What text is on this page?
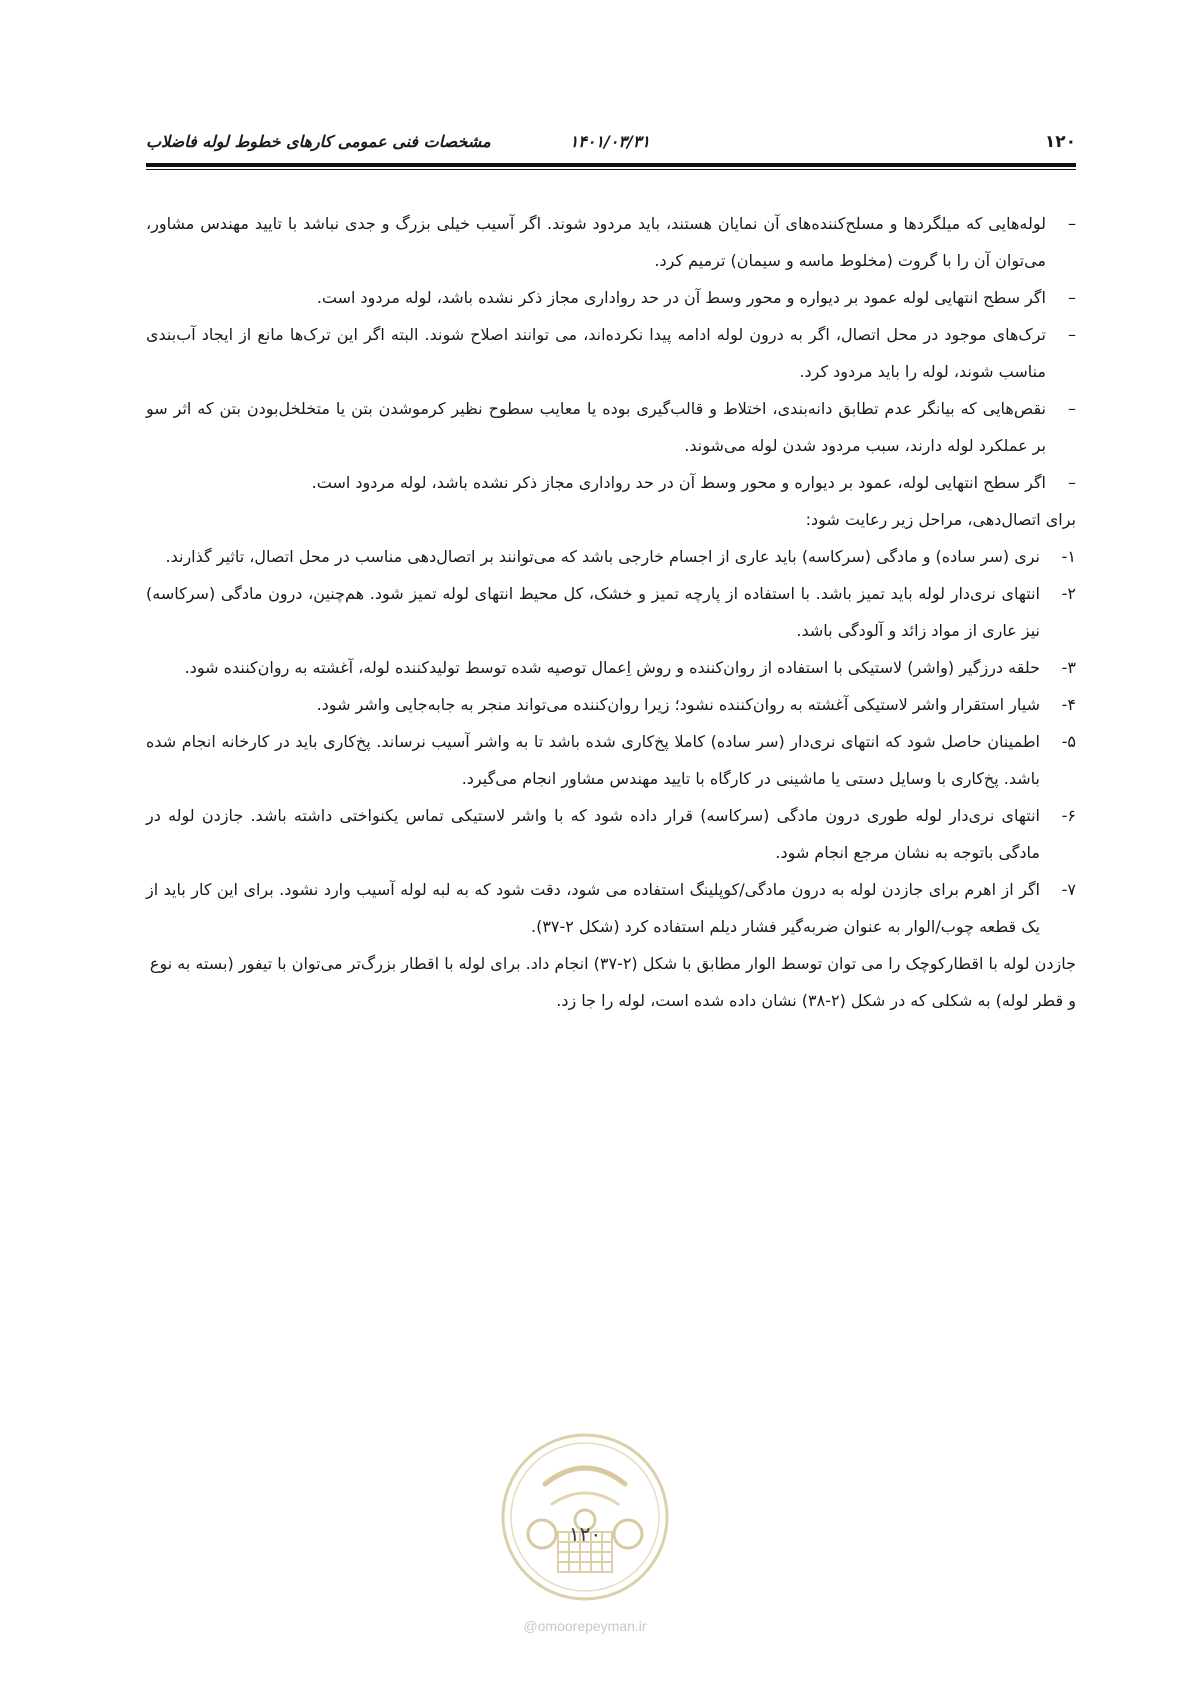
۱۲۰
۱۴۰۱/۰۳/۳۱
مشخصات فنی عمومی کارهای خطوط لوله فاضلاب
–
لوله‌هایی که میلگردها و مسلح‌کننده‌های آن نمایان هستند، باید مردود شوند. اگر آسیب خیلی بزرگ و جدی نباشد با تایید مهندس مشاور، می‌توان آن را با گروت (مخلوط ماسه و سیمان) ترمیم کرد.
–
اگر سطح انتهایی لوله عمود بر دیواره و محور وسط آن در حد رواداری مجاز ذکر نشده باشد، لوله مردود است.
–
ترک‌های موجود در محل اتصال، اگر به درون لوله ادامه پیدا نکرده‌اند، می توانند اصلاح شوند. البته اگر این ترک‌ها مانع از ایجاد آب‌بندی مناسب شوند، لوله را باید مردود کرد.
–
نقص‌هایی که بیانگر عدم تطابق دانه‌بندی، اختلاط و قالب‌گیری بوده یا معایب سطوح نظیر کرموشدن بتن یا متخلخل‌بودن بتن که اثر سو بر عملکرد لوله دارند، سبب مردود شدن لوله می‌شوند.
–
اگر سطح انتهایی لوله، عمود بر دیواره و محور وسط آن در حد رواداری مجاز ذکر نشده باشد، لوله مردود است.

برای اتصال‌دهی، مراحل زیر رعایت شود:

۱-
نری (سر ساده) و مادگی (سرکاسه) باید عاری از اجسام خارجی باشد که می‌توانند بر اتصال‌دهی مناسب در محل اتصال، تاثیر گذارند.
۲-
انتهای نری‌دار لوله باید تمیز باشد. با استفاده از پارچه تمیز و خشک، کل محیط انتهای لوله تمیز شود. هم‌چنین، درون مادگی (سرکاسه) نیز عاری از مواد زائد و آلودگی باشد.
۳-
حلقه درزگیر (واشر) لاستیکی با استفاده از روان‌کننده و روش اِعمال توصیه شده توسط تولیدکننده لوله، آغشته به روان‌کننده شود.
۴-
شیار استقرار واشر لاستیکی آغشته به روان‌کننده نشود؛ زیرا روان‌کننده می‌تواند منجر به جابه‌جایی واشر شود.
۵-
اطمینان حاصل شود که انتهای نری‌دار (سر ساده) کاملا پخ‌کاری شده باشد تا به واشر آسیب نرساند. پخ‌کاری باید در کارخانه انجام شده باشد. پخ‌کاری با وسایل دستی یا ماشینی در کارگاه با تایید مهندس مشاور انجام می‌گیرد.
۶-
انتهای نری‌دار لوله طوری درون مادگی (سرکاسه) قرار داده شود که با واشر لاستیکی تماس یکنواختی داشته باشد. جازدن لوله در مادگی باتوجه به نشان مرجع انجام شود.
۷-
اگر از اهرم برای جازدن لوله به درون مادگی/کوپلینگ استفاده می شود، دقت شود که به لبه لوله آسیب وارد نشود. برای این کار باید از یک قطعه چوب/الوار به عنوان ضربه‌گیر فشار دیلم استفاده کرد (شکل ۲-۳۷).

جازدن لوله با اقطارکوچک را می توان توسط الوار مطابق با شکل (۲-۳۷) انجام داد. برای لوله با اقطار بزرگ‌تر می‌توان با تیفور (بسته به نوع و قطر لوله) به شکلی که در شکل (۲-۳۸) نشان داده شده است، لوله را جا زد.

۱۲۰
@omoorepeyman.ir
